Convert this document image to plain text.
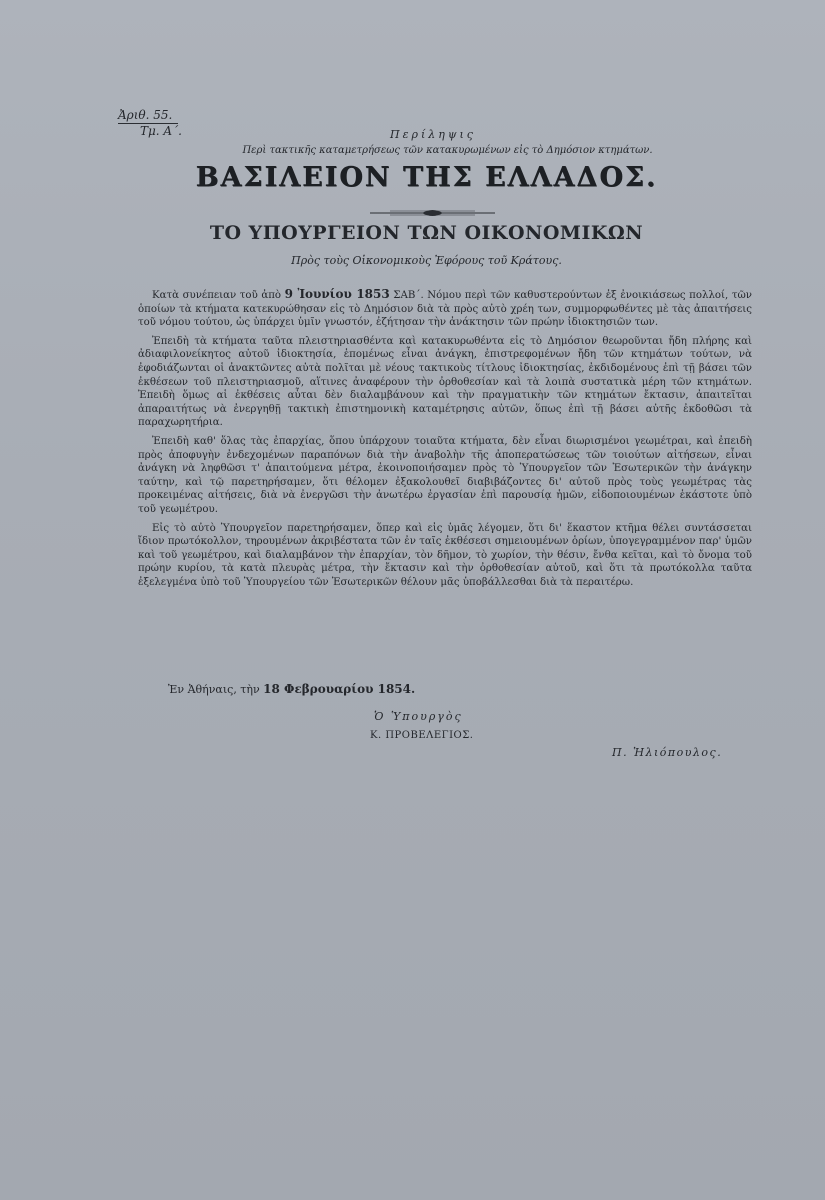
Ἀριθ. 55.
Τμ. Α΄.	Περίληψις
Περὶ τακτικῆς καταμετρήσεως τῶν κατακυρωμένων εἰς τὸ Δημόσιον κτημάτων.
ΒΑΣΙΛΕΙΟΝ ΤΗΣ ΕΛΛΑΔΟΣ.
ΤΟ ΥΠΟΥΡΓΕΙΟΝ ΤΩΝ ΟΙΚΟΝΟΜΙΚΩΝ
Πρὸς τοὺς Οἰκονομικοὺς Ἐφόρους τοῦ Κράτους.

Κατὰ συνέπειαν τοῦ ἀπὸ 9 Ἰουνίου 1853 ΣΑΒ΄. Νόμου περὶ τῶν καθυστερούντων ἐξ ἐνοικιάσεως πολλοί, τῶν ὁποίων τὰ κτήματα κατεκυρώθησαν εἰς τὸ Δημόσιον διὰ τὰ πρὸς αὐτὸ χρέη των, συμμορφωθέντες μὲ τὰς ἀπαιτήσεις τοῦ νόμου τούτου, ὡς ὑπάρχει ὑμῖν γνωστόν, ἐζήτησαν τὴν ἀνάκτησιν τῶν πρώην ἰδιοκτησιῶν των.

Ἐπειδὴ τὰ κτήματα ταῦτα πλειστηριασθέντα καὶ κατακυρωθέντα εἰς τὸ Δημόσιον θεωροῦνται ἤδη πλήρης καὶ ἀδιαφιλονείκητος αὐτοῦ ἰδιοκτησία, ἑπομένως εἶναι ἀνάγκη, ἐπιστρεφομένων ἤδη τῶν κτημάτων τούτων, νὰ ἐφοδιάζωνται οἱ ἀνακτῶντες αὐτὰ πολῖται μὲ νέους τακτικοὺς τίτλους ἰδιοκτησίας, ἐκδιδομένους ἐπὶ τῇ βάσει τῶν ἐκθέσεων τοῦ πλειστηριασμοῦ, αἵτινες ἀναφέρουν τὴν ὀρθοθεσίαν καὶ τὰ λοιπὰ συστατικὰ μέρη τῶν κτημάτων. Ἐπειδὴ ὅμως αἱ ἐκθέσεις αὗται δὲν διαλαμβάνουν καὶ τὴν πραγματικὴν τῶν κτημάτων ἔκτασιν, ἀπαιτεῖται ἀπαραιτήτως νὰ ἐνεργηθῇ τακτικὴ ἐπιστημονικὴ καταμέτρησις αὐτῶν, ὅπως ἐπὶ τῇ βάσει αὐτῆς ἐκδοθῶσι τὰ παραχωρητήρια.

Ἐπειδὴ καθ' ὅλας τὰς ἐπαρχίας, ὅπου ὑπάρχουν τοιαῦτα κτήματα, δὲν εἶναι διωρισμένοι γεωμέτραι, καὶ ἐπειδὴ πρὸς ἀποφυγὴν ἐνδεχομένων παραπόνων διὰ τὴν ἀναβολὴν τῆς ἀποπερατώσεως τῶν τοιούτων αἰτήσεων, εἶναι ἀνάγκη νὰ ληφθῶσι τ' ἀπαιτούμενα μέτρα, ἐκοινοποιήσαμεν πρὸς τὸ Ὑπουργεῖον τῶν Ἐσωτερικῶν τὴν ἀνάγκην ταύτην, καὶ τῷ παρετηρήσαμεν, ὅτι θέλομεν ἐξακολουθεῖ διαβιβάζοντες δι' αὐτοῦ πρὸς τοὺς γεωμέτρας τὰς προκειμένας αἰτήσεις, διὰ νὰ ἐνεργῶσι τὴν ἀνωτέρω ἐργασίαν ἐπὶ παρουσίᾳ ἡμῶν, εἰδοποιουμένων ἑκάστοτε ὑπὸ τοῦ γεωμέτρου.

Εἰς τὸ αὐτὸ Ὑπουργεῖον παρετηρήσαμεν, ὅπερ καὶ εἰς ὑμᾶς λέγομεν, ὅτι δι' ἕκαστον κτῆμα θέλει συντάσσεται ἴδιον πρωτόκολλον, τηρουμένων ἀκριβέστατα τῶν ἐν ταῖς ἐκθέσεσι σημειουμένων ὁρίων, ὑπογεγραμμένον παρ' ὑμῶν καὶ τοῦ γεωμέτρου, καὶ διαλαμβάνον τὴν ἐπαρχίαν, τὸν δῆμον, τὸ χωρίον, τὴν θέσιν, ἔνθα κεῖται, καὶ τὸ ὄνομα τοῦ πρώην κυρίου, τὰ κατὰ πλευρὰς μέτρα, τὴν ἔκτασιν καὶ τὴν ὀρθοθεσίαν αὐτοῦ, καὶ ὅτι τὰ πρωτόκολλα ταῦτα ἐξελεγμένα ὑπὸ τοῦ Ὑπουργείου τῶν Ἐσωτερικῶν θέλουν μᾶς ὑποβάλλεσθαι διὰ τὰ περαιτέρω.

Ἐν Ἀθήναις, τὴν 18 Φεβρουαρίου 1854.
Ὁ Ὑπουργὸς
Κ. ΠΡΟΒΕΛΕΓΙΟΣ.
Π. Ἡλιόπουλος.
